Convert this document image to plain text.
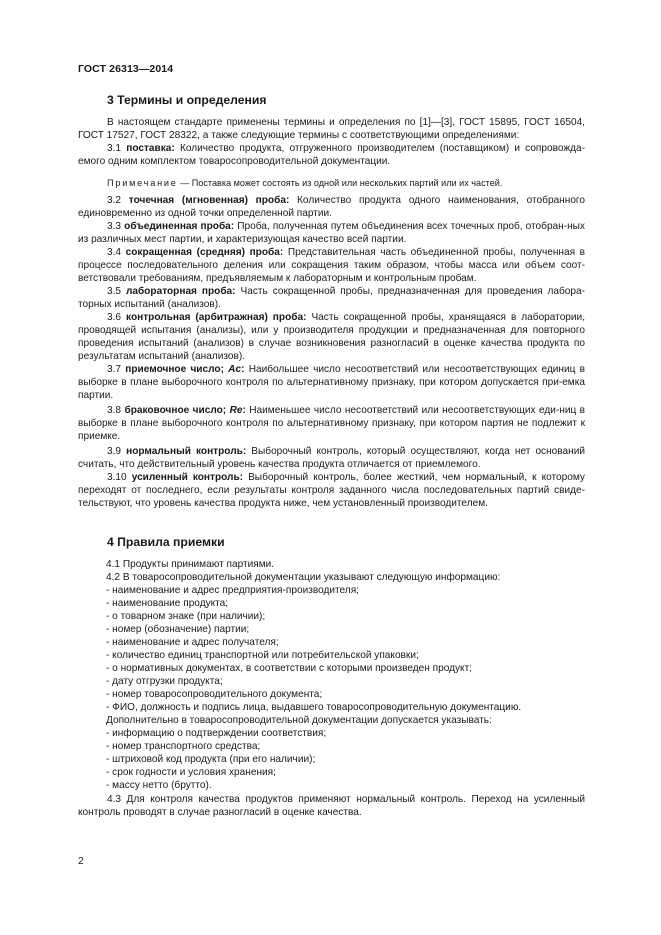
ГОСТ 26313—2014
3 Термины и определения
В настоящем стандарте применены термины и определения по [1]—[3], ГОСТ 15895, ГОСТ 16504, ГОСТ 17527, ГОСТ 28322, а также следующие термины с соответствующими определениями:
3.1 поставка: Количество продукта, отгруженного производителем (поставщиком) и сопровожда-емого одним комплектом товаросопроводительной документации.
Примечание — Поставка может состоять из одной или нескольких партий или их частей.
3.2 точечная (мгновенная) проба: Количество продукта одного наименования, отобранного единовременно из одной точки определенной партии.
3.3 объединенная проба: Проба, полученная путем объединения всех точечных проб, отобран-ных из различных мест партии, и характеризующая качество всей партии.
3.4 сокращенная (средняя) проба: Представительная часть объединенной пробы, полученная в процессе последовательного деления или сокращения таким образом, чтобы масса или объем соот-ветствовали требованиям, предъявляемым к лабораторным и контрольным пробам.
3.5 лабораторная проба: Часть сокращенной пробы, предназначенная для проведения лабора-торных испытаний (анализов).
3.6 контрольная (арбитражная) проба: Часть сокращенной пробы, хранящаяся в лаборатории, проводящей испытания (анализы), или у производителя продукции и предназначенная для повторного проведения испытаний (анализов) в случае возникновения разногласий в оценке качества продукта по результатам испытаний (анализов).
3.7 приемочное число; Ac: Наибольшее число несоответствий или несоответствующих единиц в выборке в плане выборочного контроля по альтернативному признаку, при котором допускается при-емка партии.
3.8 браковочное число; Re: Наименьшее число несоответствий или несоответствующих еди-ниц в выборке в плане выборочного контроля по альтернативному признаку, при котором партия не подлежит к приемке.
3.9 нормальный контроль: Выборочный контроль, который осуществляют, когда нет оснований считать, что действительный уровень качества продукта отличается от приемлемого.
3.10 усиленный контроль: Выборочный контроль, более жесткий, чем нормальный, к которому переходят от последнего, если результаты контроля заданного числа последовательных партий свиде-тельствуют, что уровень качества продукта ниже, чем установленный производителем.
4 Правила приемки
4.1 Продукты принимают партиями.
4.2 В товаросопроводительной документации указывают следующую информацию:
- наименование и адрес предприятия-производителя;
- наименование продукта;
- о товарном знаке (при наличии);
- номер (обозначение) партии;
- наименование и адрес получателя;
- количество единиц транспортной или потребительской упаковки;
- о нормативных документах, в соответствии с которыми произведен продукт;
- дату отгрузки продукта;
- номер товаросопроводительного документа;
- ФИО, должность и подпись лица, выдавшего товаросопроводительную документацию.
Дополнительно в товаросопроводительной документации допускается указывать:
- информацию о подтверждении соответствия;
- номер транспортного средства;
- штриховой код продукта (при его наличии);
- срок годности и условия хранения;
- массу нетто (брутто).
4.3 Для контроля качества продуктов применяют нормальный контроль. Переход на усиленный контроль проводят в случае разногласий в оценке качества.
2
